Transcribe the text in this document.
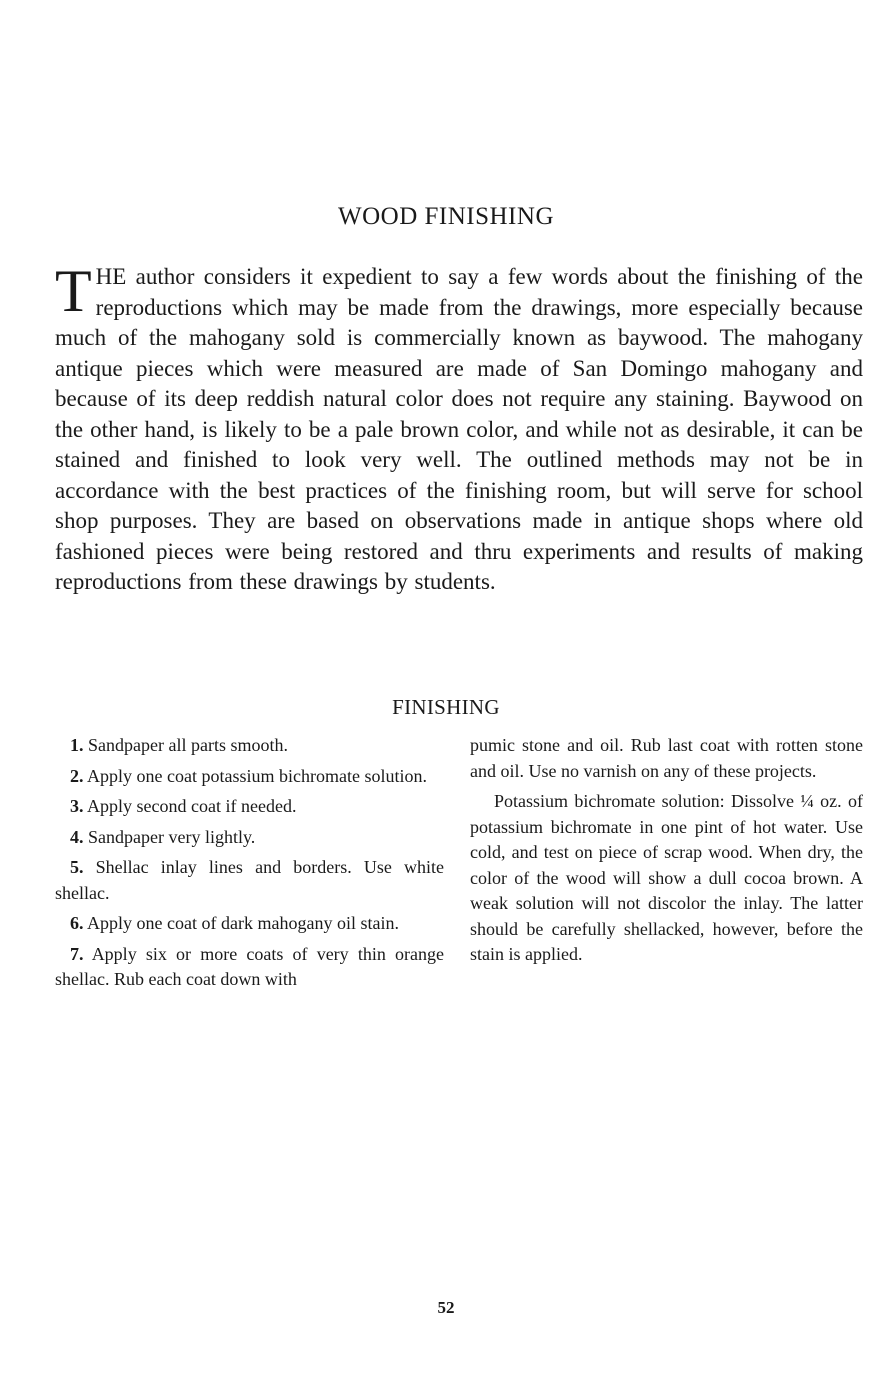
WOOD FINISHING
THE author considers it expedient to say a few words about the finishing of the reproductions which may be made from the drawings, more especially because much of the mahogany sold is commercially known as baywood. The mahogany antique pieces which were measured are made of San Domingo mahogany and because of its deep reddish natural color does not require any staining. Baywood on the other hand, is likely to be a pale brown color, and while not as desirable, it can be stained and finished to look very well. The outlined methods may not be in accordance with the best practices of the finishing room, but will serve for school shop purposes. They are based on observations made in antique shops where old fashioned pieces were being restored and thru experiments and results of making reproductions from these drawings by students.
FINISHING

1. Sandpaper all parts smooth.

2. Apply one coat potassium bichromate solution.

3. Apply second coat if needed.

4. Sandpaper very lightly.

5. Shellac inlay lines and borders. Use white shellac.

6. Apply one coat of dark mahogany oil stain.

7. Apply six or more coats of very thin orange shellac. Rub each coat down with

pumic stone and oil. Rub last coat with rotten stone and oil. Use no varnish on any of these projects.

Potassium bichromate solution: Dissolve ¼ oz. of potassium bichromate in one pint of hot water. Use cold, and test on piece of scrap wood. When dry, the color of the wood will show a dull cocoa brown. A weak solution will not discolor the inlay. The latter should be carefully shellacked, however, before the stain is applied.

52
